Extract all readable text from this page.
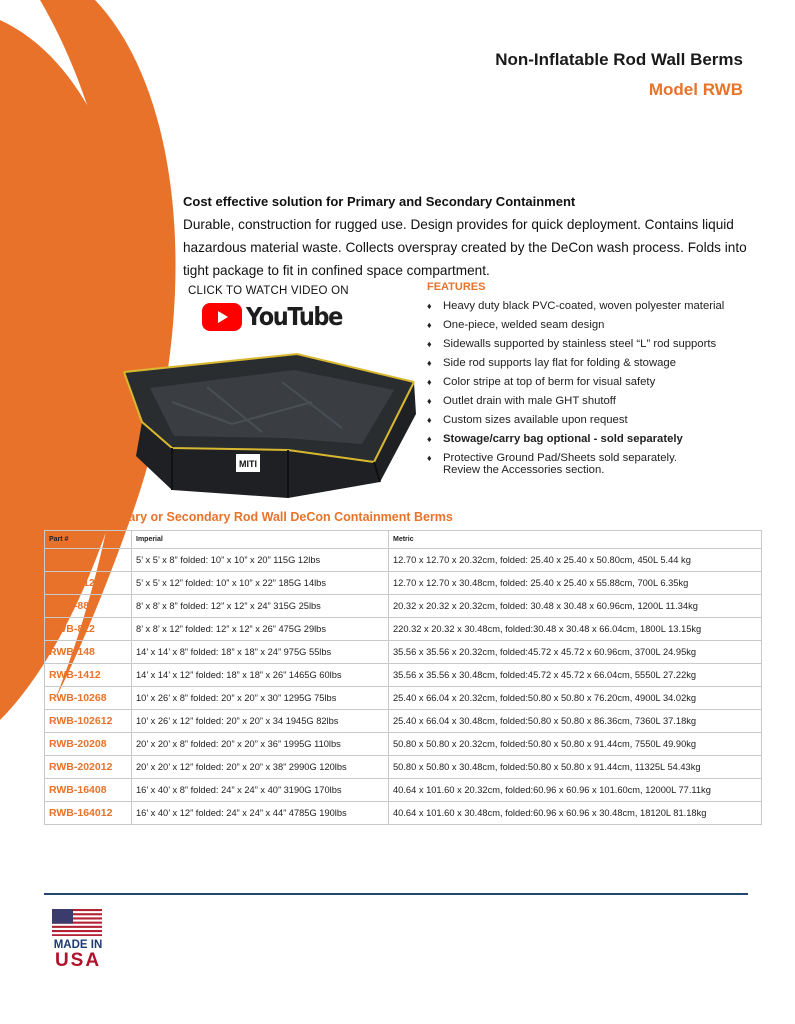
Non-Inflatable Rod Wall Berms
Model RWB
Cost effective solution for Primary and Secondary Containment
Durable, construction for rugged use. Design provides for quick deployment. Contains liquid hazardous material waste. Collects overspray created by the DeCon wash process. Folds into tight package to fit in confined space compartment.
CLICK TO WATCH VIDEO ON
YouTube
MITI
FEATURES
♦	Heavy duty black PVC-coated, woven polyester material
♦	One-piece, welded seam design
♦	Sidewalls supported by stainless steel “L” rod supports
♦	Side rod supports lay flat for folding & stowage
♦	Color stripe at top of berm for visual safety
♦	Outlet drain with male GHT shutoff
♦	Custom sizes available upon request
♦	Stowage/carry bag optional - sold separately
♦	Protective Ground Pad/Sheets sold separately.
Review the Accessories section.
Portable Primary or Secondary Rod Wall DeCon Containment Berms
Part #	Imperial	Metric
RWB-58	5’ x 5’ x 8” folded: 10” x 10” x 20” 115G 12lbs	12.70 x 12.70 x 20.32cm, folded: 25.40 x 25.40 x 50.80cm, 450L 5.44 kg
RWB-512	5’ x 5’ x 12” folded: 10” x 10” x 22” 185G 14lbs	12.70 x 12.70 x 30.48cm, folded: 25.40 x 25.40 x 55.88cm, 700L 6.35kg
RWB-88	8’ x 8’ x 8” folded: 12” x 12” x 24” 315G 25lbs	20.32 x 20.32 x 20.32cm, folded: 30.48 x 30.48 x 60.96cm, 1200L 11.34kg
RWB-812	8’ x 8’ x 12” folded: 12” x 12” x 26” 475G 29lbs	220.32 x 20.32 x 30.48cm, folded:30.48 x 30.48 x 66.04cm, 1800L 13.15kg
RWB-148	14’ x 14’ x 8” folded: 18” x 18” x 24” 975G 55lbs	35.56 x 35.56 x 20.32cm, folded:45.72 x 45.72 x 60.96cm, 3700L 24.95kg
RWB-1412	14’ x 14’ x 12” folded: 18” x 18” x 26” 1465G 60lbs	35.56 x 35.56 x 30.48cm, folded:45.72 x 45.72 x 66.04cm, 5550L 27.22kg
RWB-10268	10’ x 26’ x 8” folded: 20” x 20” x 30” 1295G 75lbs	25.40 x 66.04 x 20.32cm, folded:50.80 x 50.80 x 76.20cm, 4900L 34.02kg
RWB-102612	10’ x 26’ x 12” folded: 20” x 20” x 34 1945G 82lbs	25.40 x 66.04 x 30.48cm, folded:50.80 x 50.80 x 86.36cm, 7360L 37.18kg
RWB-20208	20’ x 20’ x 8” folded: 20” x 20” x 36” 1995G 110lbs	50.80 x 50.80 x 20.32cm, folded:50.80 x 50.80 x 91.44cm, 7550L 49.90kg
RWB-202012	20’ x 20’ x 12” folded: 20” x 20” x 38” 2990G 120lbs	50.80 x 50.80 x 30.48cm, folded:50.80 x 50.80 x 91.44cm, 11325L 54.43kg
RWB-16408	16’ x 40’ x 8” folded: 24” x 24” x 40” 3190G 170lbs	40.64 x 101.60 x 20.32cm, folded:60.96 x 60.96 x 101.60cm, 12000L 77.11kg
RWB-164012	16’ x 40’ x 12” folded: 24” x 24” x 44” 4785G 190lbs	40.64 x 101.60 x 30.48cm, folded:60.96 x 60.96 x 30.48cm, 18120L 81.18kg
MADE IN
USA
